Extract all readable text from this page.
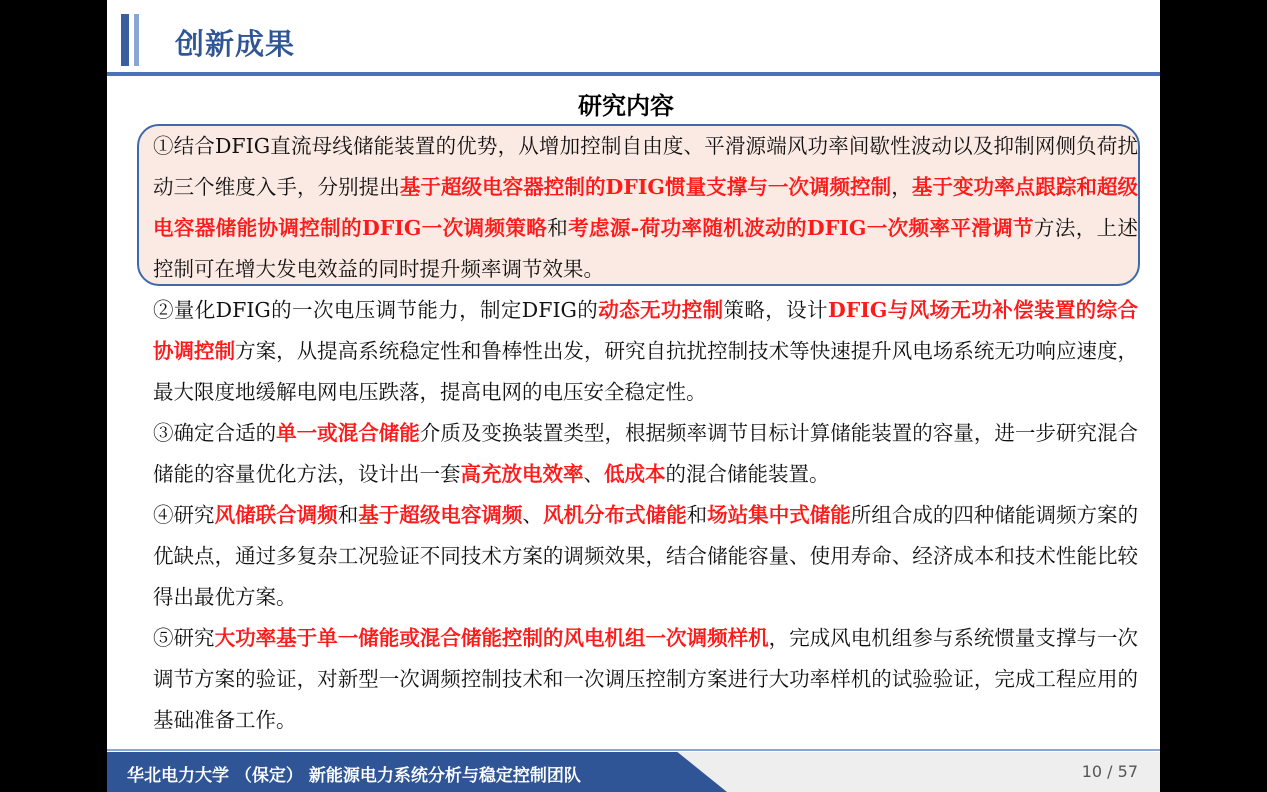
创新成果
研究内容

①结合DFIG直流母线储能装置的优势，从增加控制自由度、平滑源端风功率间歇性波动以及抑制网侧负荷扰动三个维度入手，分别提出基于超级电容器控制的DFIG惯量支撑与一次调频控制，基于变功率点跟踪和超级电容器储能协调控制的DFIG一次调频策略和考虑源-荷功率随机波动的DFIG一次频率平滑调节方法，上述控制可在增大发电效益的同时提升频率调节效果。

②量化DFIG的一次电压调节能力，制定DFIG的动态无功控制策略，设计DFIG与风场无功补偿装置的综合协调控制方案，从提高系统稳定性和鲁棒性出发，研究自抗扰控制技术等快速提升风电场系统无功响应速度，最大限度地缓解电网电压跌落，提高电网的电压安全稳定性。

③确定合适的单一或混合储能介质及变换装置类型，根据频率调节目标计算储能装置的容量，进一步研究混合储能的容量优化方法，设计出一套高充放电效率、低成本的混合储能装置。

④研究风储联合调频和基于超级电容调频、风机分布式储能和场站集中式储能所组合成的四种储能调频方案的优缺点，通过多复杂工况验证不同技术方案的调频效果，结合储能容量、使用寿命、经济成本和技术性能比较得出最优方案。

⑤研究大功率基于单一储能或混合储能控制的风电机组一次调频样机，完成风电机组参与系统惯量支撑与一次调节方案的验证，对新型一次调频控制技术和一次调压控制方案进行大功率样机的试验验证，完成工程应用的基础准备工作。

华北电力大学 （保定） 新能源电力系统分析与稳定控制团队	10 / 57
